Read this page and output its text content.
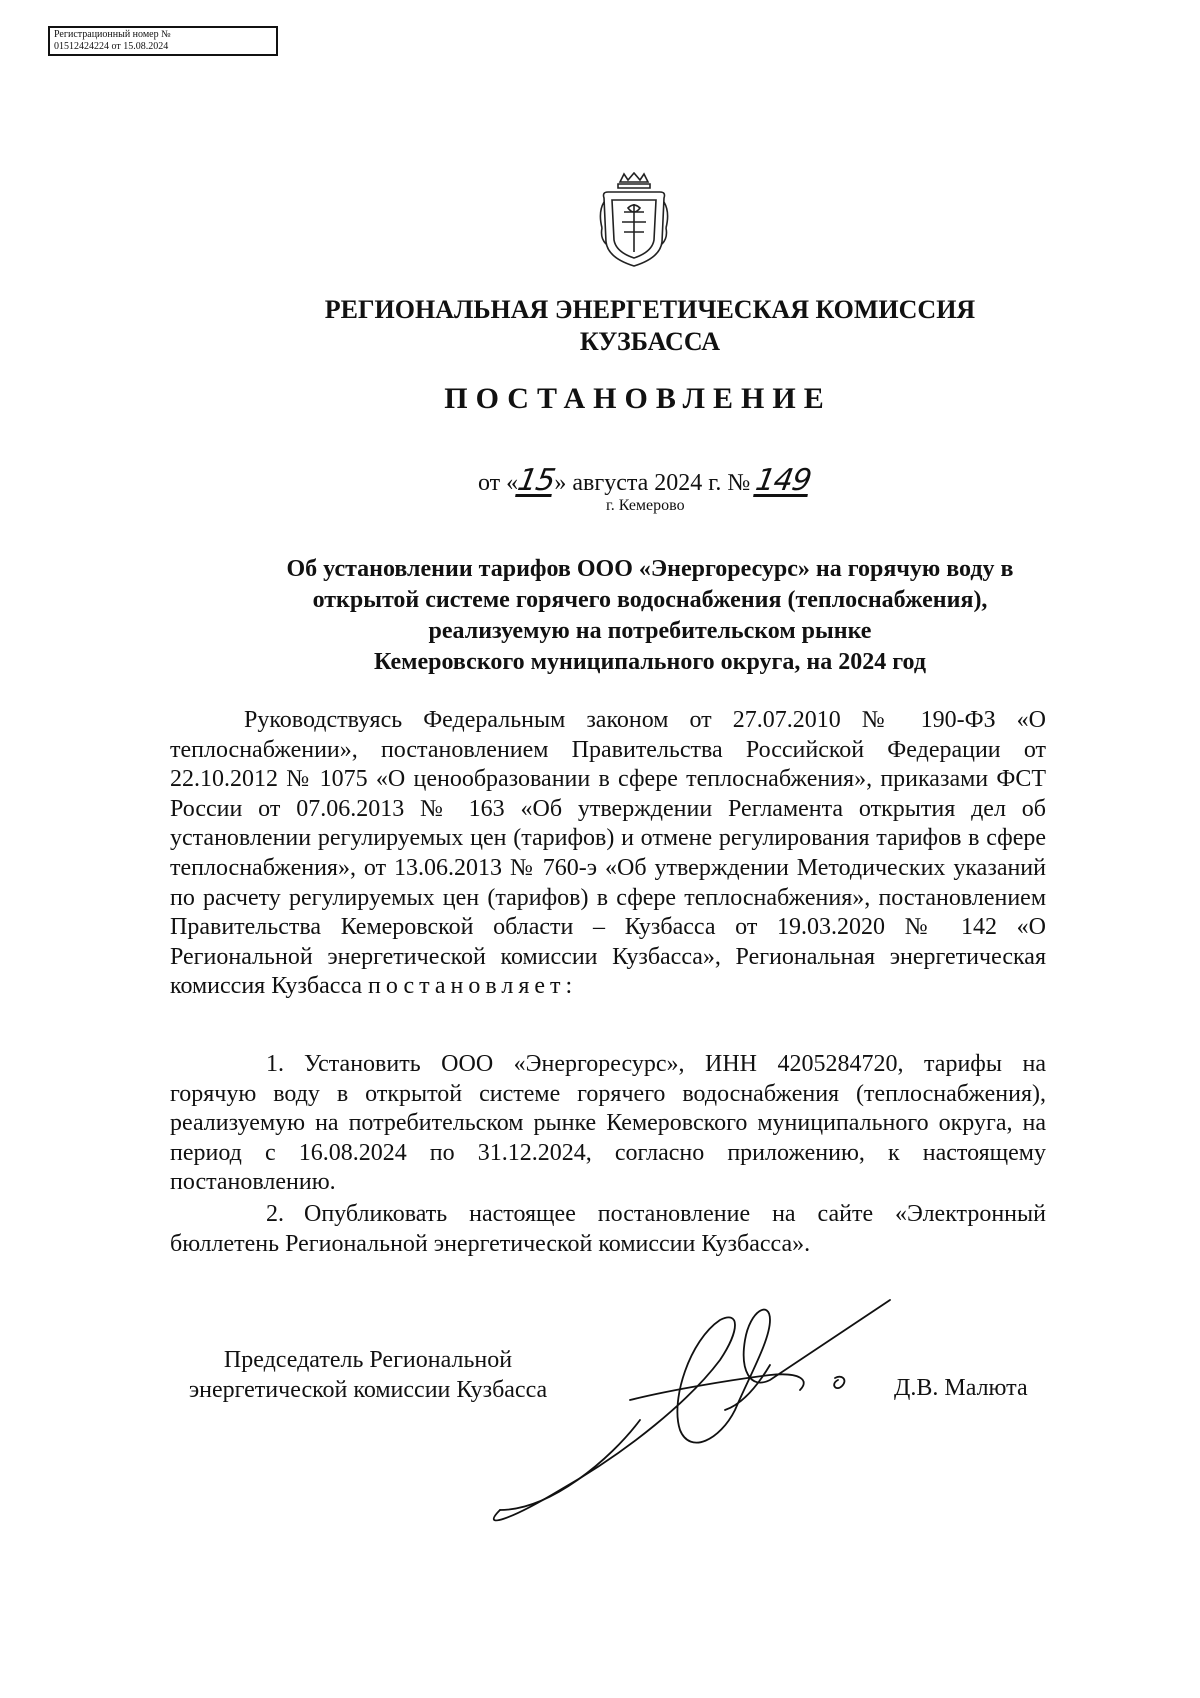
Регистрационный номер №
01512424224 от 15.08.2024
РЕГИОНАЛЬНАЯ ЭНЕРГЕТИЧЕСКАЯ КОМИССИЯ
КУЗБАССА
ПОСТАНОВЛЕНИЕ
от «15» августа 2024 г. № 149
г. Кемерово
Об установлении тарифов ООО «Энергоресурс» на горячую воду в
открытой системе горячего водоснабжения (теплоснабжения),
реализуемую на потребительском рынке
Кемеровского муниципального округа, на 2024 год
Руководствуясь Федеральным законом от 27.07.2010 № 190-ФЗ «О теплоснабжении», постановлением Правительства Российской Федерации от 22.10.2012 № 1075 «О ценообразовании в сфере теплоснабжения», приказами ФСТ России от 07.06.2013 № 163 «Об утверждении Регламента открытия дел об установлении регулируемых цен (тарифов) и отмене регулирования тарифов в сфере теплоснабжения», от 13.06.2013 № 760-э «Об утверждении Методических указаний по расчету регулируемых цен (тарифов) в сфере теплоснабжения», постановлением Правительства Кемеровской области – Кузбасса от 19.03.2020 № 142 «О Региональной энергетической комиссии Кузбасса», Региональная энергетическая комиссия Кузбасса постановляет:
1. Установить ООО «Энергоресурс», ИНН 4205284720, тарифы на горячую воду в открытой системе горячего водоснабжения (теплоснабжения), реализуемую на потребительском рынке Кемеровского муниципального округа, на период с 16.08.2024 по 31.12.2024, согласно приложению, к настоящему постановлению.
2. Опубликовать настоящее постановление на сайте «Электронный бюллетень Региональной энергетической комиссии Кузбасса».
Председатель Региональной
энергетической комиссии Кузбасса	Д.В. Малюта
